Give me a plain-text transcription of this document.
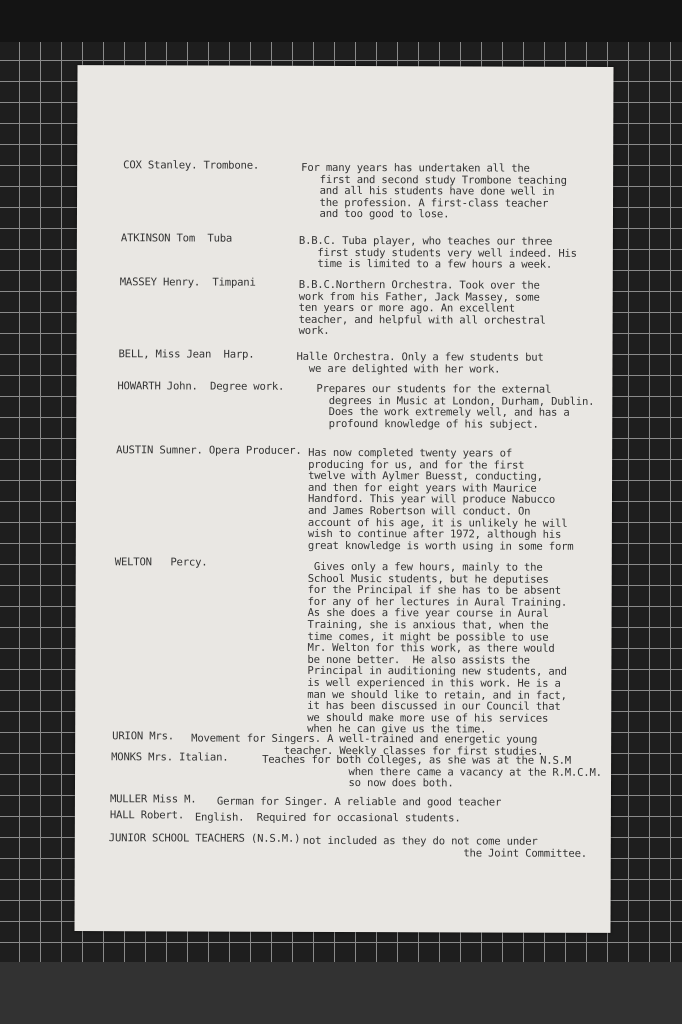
COX Stanley. Trombone.	For many years has undertaken all the
first and second study Trombone teaching
and all his students have done well in
the profession. A first-class teacher
and too good to lose.

ATKINSON Tom  Tuba	B.B.C. Tuba player, who teaches our three
first study students very well indeed. His
time is limited to a few hours a week.

MASSEY Henry.  Timpani	B.B.C.Northern Orchestra. Took over the
work from his Father, Jack Massey, some
ten years or more ago. An excellent
teacher, and helpful with all orchestral
work.

BELL, Miss Jean  Harp.	Halle Orchestra. Only a few students but
we are delighted with her work.

HOWARTH John.  Degree work.	Prepares our students for the external
degrees in Music at London, Durham, Dublin.
Does the work extremely well, and has a
profound knowledge of his subject.

AUSTIN Sumner. Opera Producer. Has now completed twenty years of
producing for us, and for the first
twelve with Aylmer Buesst, conducting,
and then for eight years with Maurice
Handford. This year will produce Nabucco
and James Robertson will conduct. On
account of his age, it is unlikely he will
wish to continue after 1972, although his
great knowledge is worth using in some form

WELTON   Percy.	Gives only a few hours, mainly to the
School Music students, but he deputises
for the Principal if she has to be absent
for any of her lectures in Aural Training.
As she does a five year course in Aural
Training, she is anxious that, when the
time comes, it might be possible to use
Mr. Welton for this work, as there would
be none better.  He also assists the
Principal in auditioning new students, and
is well experienced in this work. He is a
man we should like to retain, and in fact,
it has been discussed in our Council that
we should make more use of his services
when he can give us the time.

URION Mrs. Movement for Singers. A well-trained and energetic young
teacher. Weekly classes for first studies.

MONKS Mrs. Italian.	Teaches for both colleges, as she was at the N.S.M
when there came a vacancy at the R.M.C.M.
so now does both.

MULLER Miss M. German for Singer. A reliable and good teacher

HALL Robert. English.  Required for occasional students.

JUNIOR SCHOOL TEACHERS (N.S.M.) not included as they do not come under
the Joint Committee.
